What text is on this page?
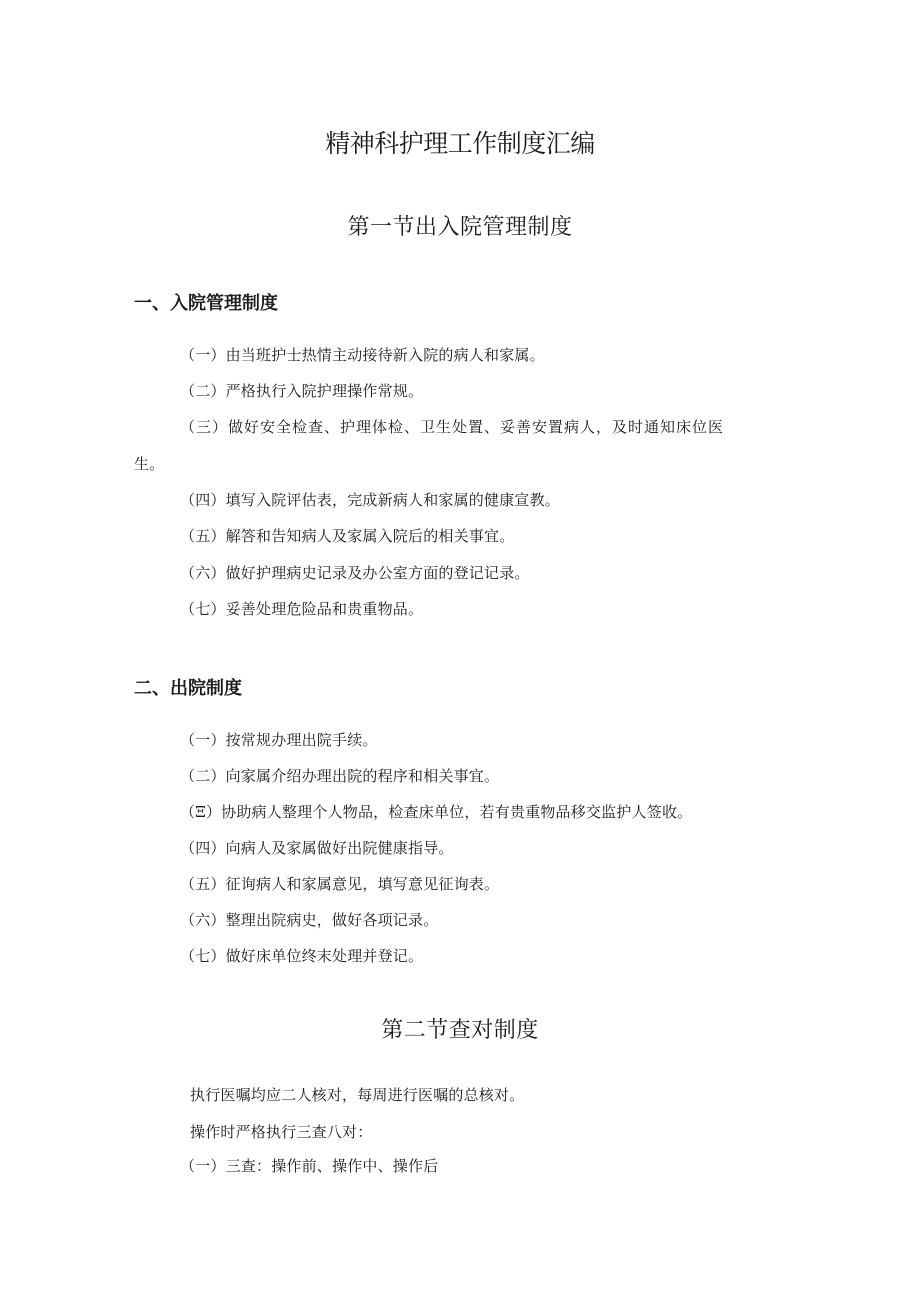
精神科护理工作制度汇编
第一节出入院管理制度
一、入院管理制度
（一）由当班护士热情主动接待新入院的病人和家属。
（二）严格执行入院护理操作常规。
（三）做好安全检查、护理体检、卫生处置、妥善安置病人，及时通知床位医
生。
（四）填写入院评估表，完成新病人和家属的健康宣教。
（五）解答和告知病人及家属入院后的相关事宜。
（六）做好护理病史记录及办公室方面的登记记录。
（七）妥善处理危险品和贵重物品。
二、出院制度
（一）按常规办理出院手续。
（二）向家属介绍办理出院的程序和相关事宜。
（Ξ）协助病人整理个人物品，检查床单位，若有贵重物品移交监护人签收。
（四）向病人及家属做好出院健康指导。
（五）征询病人和家属意见，填写意见征询表。
（六）整理出院病史，做好各项记录。
（七）做好床单位终末处理并登记。
第二节查对制度
执行医嘱均应二人核对，每周进行医嘱的总核对。
操作时严格执行三查八对：
（一）三查：操作前、操作中、操作后
